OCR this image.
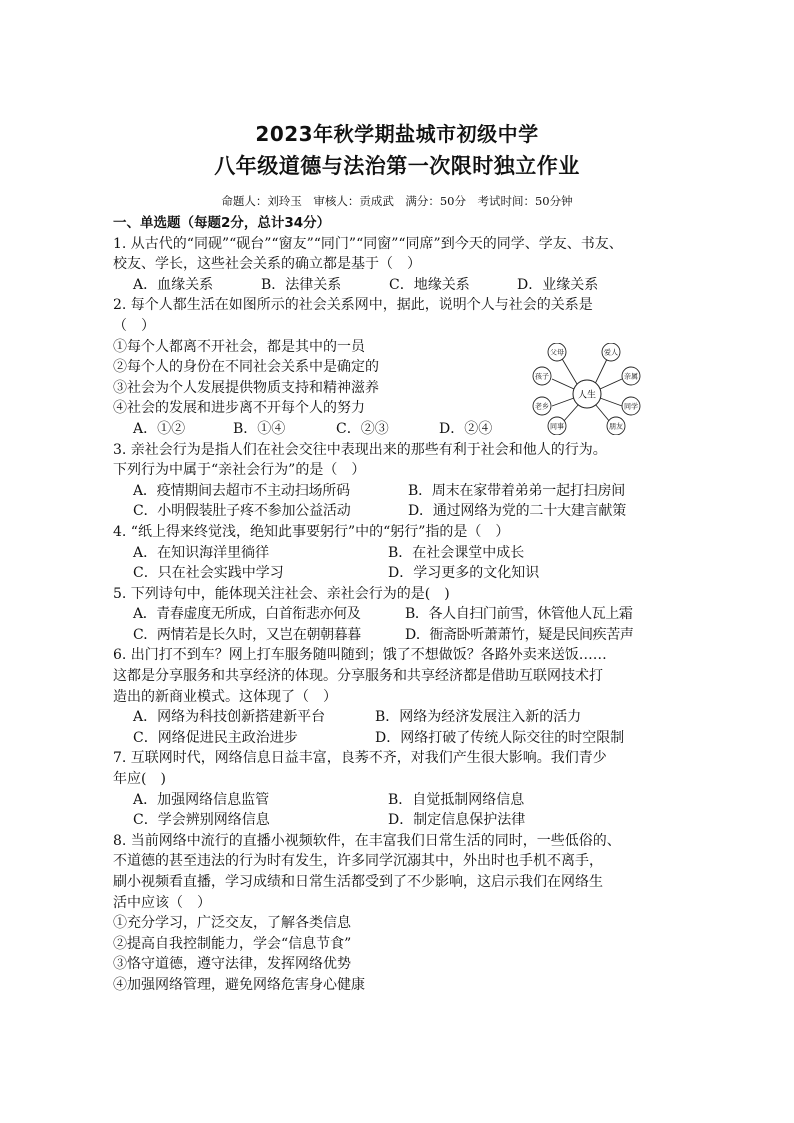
2023年秋学期盐城市初级中学
八年级道德与法治第一次限时独立作业
命题人：刘玲玉　审核人：贡成武　满分：50分　考试时间：50分钟
一、单选题（每题2分，总计34分）
1. 从古代的“同砚”“砚台”“窗友”“同门”“同窗”“同席”到今天的同学、学友、书友、
校友、学长，这些社会关系的确立都是基于（　）
A．血缘关系	B．法律关系	C．地缘关系	D．业缘关系
2. 每个人都生活在如图所示的社会关系网中，据此，说明个人与社会的关系是
（　）
①每个人都离不开社会，都是其中的一员
②每个人的身份在不同社会关系中是确定的
③社会为个人发展提供物质支持和精神滋养
④社会的发展和进步离不开每个人的努力
A．①②	B．①④	C．②③	D．②④
3. 亲社会行为是指人们在社会交往中表现出来的那些有利于社会和他人的行为。
下列行为中属于“亲社会行为”的是（　）
A．疫情期间去超市不主动扫场所码	B．周末在家带着弟弟一起打扫房间
C．小明假装肚子疼不参加公益活动	D．通过网络为党的二十大建言献策
4. “纸上得来终觉浅，绝知此事要躬行”中的“躬行”指的是（　）
A．在知识海洋里徜徉	B．在社会课堂中成长
C．只在社会实践中学习	D．学习更多的文化知识
5. 下列诗句中，能体现关注社会、亲社会行为的是(　)
A．青春虚度无所成，白首衔悲亦何及	B．各人自扫门前雪，休管他人瓦上霜
C．两情若是长久时，又岂在朝朝暮暮	D．衙斋卧听萧萧竹，疑是民间疾苦声
6. 出门打不到车？网上打车服务随叫随到；饿了不想做饭？各路外卖来送饭……
这都是分享服务和共享经济的体现。分享服务和共享经济都是借助互联网技术打
造出的新商业模式。这体现了（　）
A．网络为科技创新搭建新平台	B．网络为经济发展注入新的活力
C．网络促进民主政治进步	D．网络打破了传统人际交往的时空限制
7. 互联网时代，网络信息日益丰富，良莠不齐，对我们产生很大影响。我们青少
年应(　)
A．加强网络信息监管	B．自觉抵制网络信息
C．学会辨别网络信息	D．制定信息保护法律
8. 当前网络中流行的直播小视频软件，在丰富我们日常生活的同时，一些低俗的、
不道德的甚至违法的行为时有发生，许多同学沉溺其中，外出时也手机不离手，
刷小视频看直播，学习成绩和日常生活都受到了不少影响，这启示我们在网络生
活中应该（　）
①充分学习，广泛交友，了解各类信息
②提高自我控制能力，学会“信息节食”
③恪守道德，遵守法律，发挥网络优势
④加强网络管理，避免网络危害身心健康
人生
父母	爱人
孩子	亲属
老乡	同学
同事	朋友
